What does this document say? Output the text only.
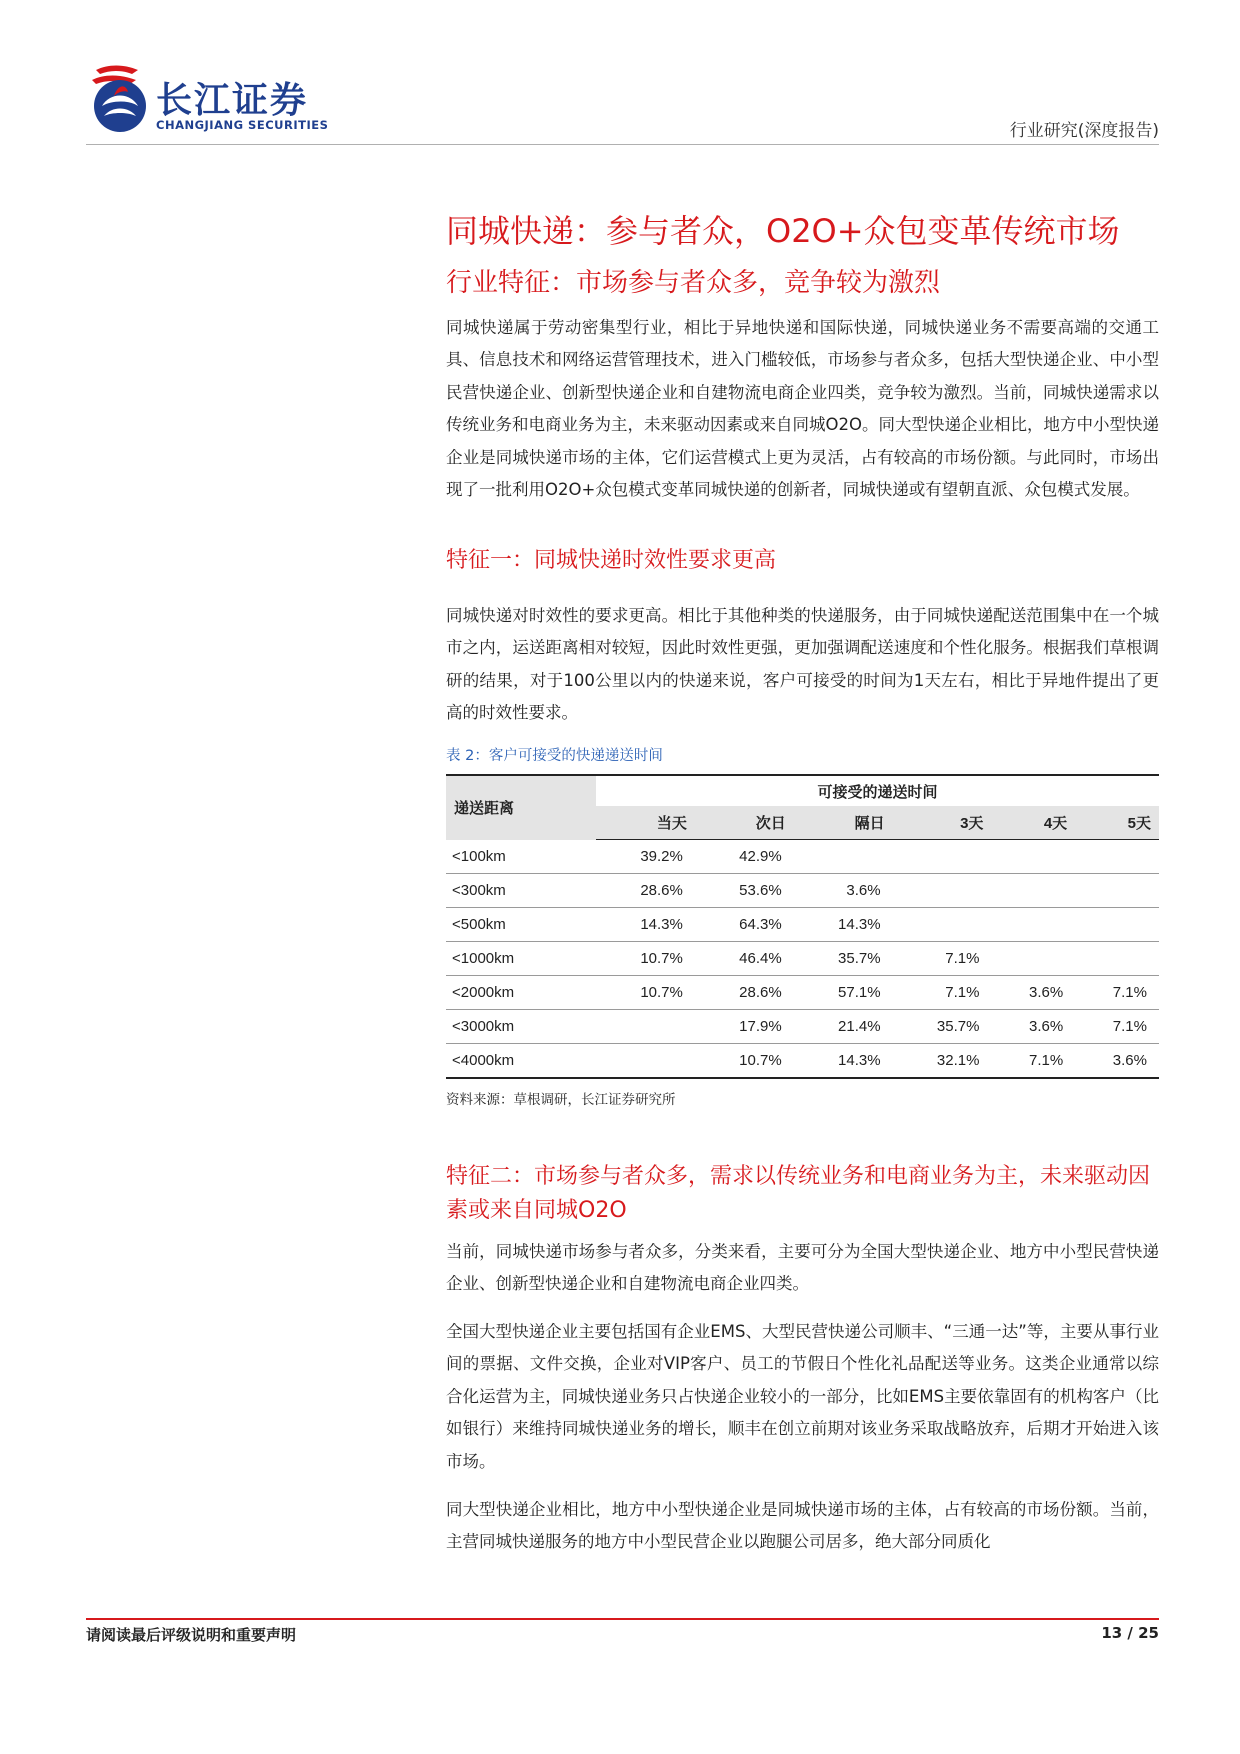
长江证券
CHANGJIANG SECURITIES	行业研究(深度报告)
同城快递：参与者众，O2O+众包变革传统市场
行业特征：市场参与者众多，竞争较为激烈

同城快递属于劳动密集型行业，相比于异地快递和国际快递，同城快递业务不需要高端的交通工具、信息技术和网络运营管理技术，进入门槛较低，市场参与者众多，包括大型快递企业、中小型民营快递企业、创新型快递企业和自建物流电商企业四类，竞争较为激烈。当前，同城快递需求以传统业务和电商业务为主，未来驱动因素或来自同城O2O。同大型快递企业相比，地方中小型快递企业是同城快递市场的主体，它们运营模式上更为灵活，占有较高的市场份额。与此同时，市场出现了一批利用O2O+众包模式变革同城快递的创新者，同城快递或有望朝直派、众包模式发展。

特征一：同城快递时效性要求更高

同城快递对时效性的要求更高。相比于其他种类的快递服务，由于同城快递配送范围集中在一个城市之内，运送距离相对较短，因此时效性更强，更加强调配送速度和个性化服务。根据我们草根调研的结果，对于100公里以内的快递来说，客户可接受的时间为1天左右，相比于异地件提出了更高的时效性要求。

表 2：客户可接受的快递递送时间
递送距离	可接受的递送时间					
	当天	次日	隔日	3天	4天	5天
<100km	39.2%	42.9%				
<300km	28.6%	53.6%	3.6%			
<500km	14.3%	64.3%	14.3%			
<1000km	10.7%	46.4%	35.7%	7.1%		
<2000km	10.7%	28.6%	57.1%	7.1%	3.6%	7.1%
<3000km		17.9%	21.4%	35.7%	3.6%	7.1%
<4000km		10.7%	14.3%	32.1%	7.1%	3.6%
资料来源：草根调研，长江证券研究所
特征二：市场参与者众多，需求以传统业务和电商业务为主，未来驱动因素或来自同城O2O

当前，同城快递市场参与者众多，分类来看，主要可分为全国大型快递企业、地方中小型民营快递企业、创新型快递企业和自建物流电商企业四类。

全国大型快递企业主要包括国有企业EMS、大型民营快递公司顺丰、“三通一达”等，主要从事行业间的票据、文件交换，企业对VIP客户、员工的节假日个性化礼品配送等业务。这类企业通常以综合化运营为主，同城快递业务只占快递企业较小的一部分，比如EMS主要依靠固有的机构客户（比如银行）来维持同城快递业务的增长，顺丰在创立前期对该业务采取战略放弃，后期才开始进入该市场。

同大型快递企业相比，地方中小型快递企业是同城快递市场的主体，占有较高的市场份额。当前，主营同城快递服务的地方中小型民营企业以跑腿公司居多，绝大部分同质化

请阅读最后评级说明和重要声明	13 / 25
